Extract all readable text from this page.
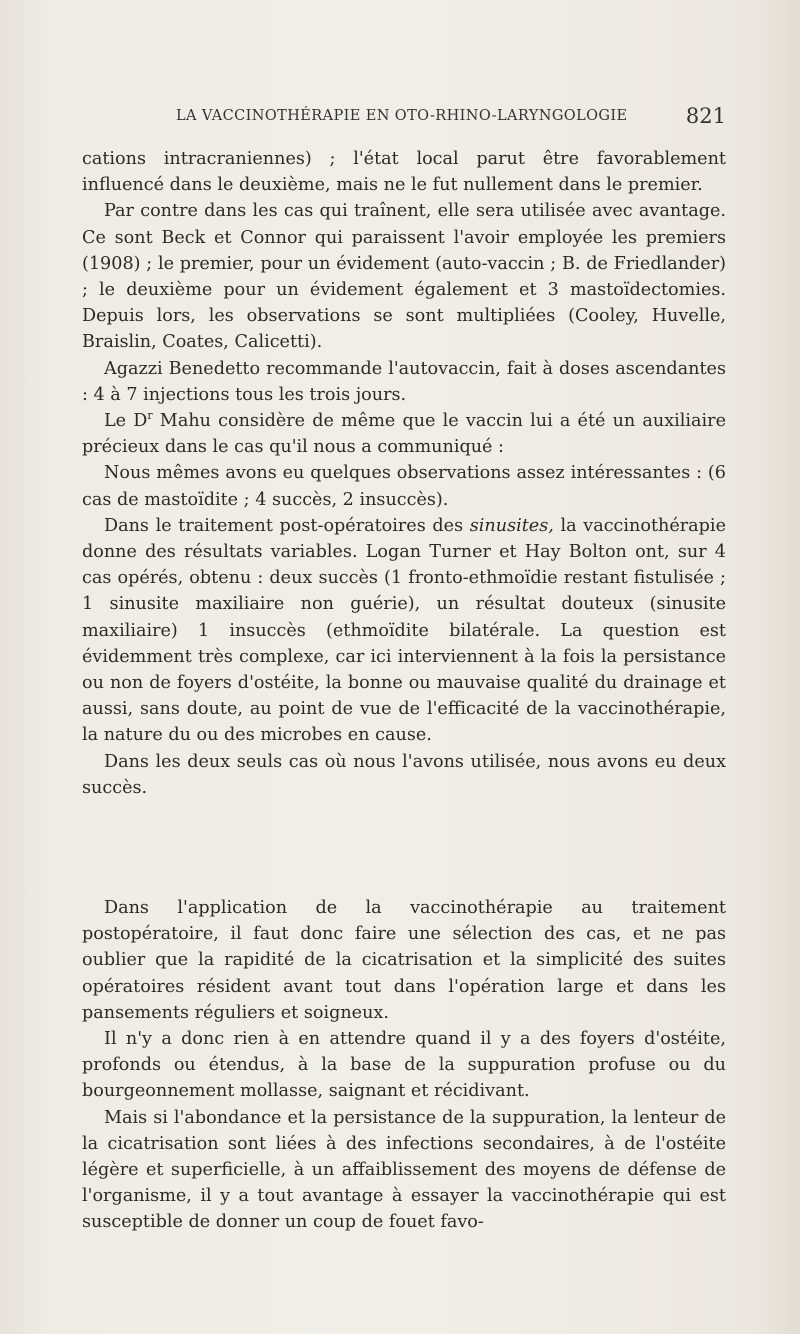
LA VACCINOTHÉRAPIE EN OTO-RHINO-LARYNGOLOGIE	821

cations intracraniennes) ; l'état local parut être favorablement influencé dans le deuxième, mais ne le fut nullement dans le premier.

Par contre dans les cas qui traînent, elle sera utilisée avec avantage. Ce sont Beck et Connor qui paraissent l'avoir employée les premiers (1908) ; le premier, pour un évidement (auto-vaccin ; B. de Friedlander) ; le deuxième pour un évidement également et 3 mastoïdectomies. Depuis lors, les observations se sont multipliées (Cooley, Huvelle, Braislin, Coates, Calicetti).

Agazzi Benedetto recommande l'autovaccin, fait à doses ascendantes : 4 à 7 injections tous les trois jours.

Le $D^r$ Mahu considère de même que le vaccin lui a été un auxiliaire précieux dans le cas qu'il nous a communiqué :

Nous mêmes avons eu quelques observations assez intéressantes : (6 cas de mastoïdite ; 4 succès, 2 insuccès).

Dans le traitement post-opératoires des sinusites, la vaccinothérapie donne des résultats variables. Logan Turner et Hay Bolton ont, sur 4 cas opérés, obtenu : deux succès (1 fronto-ethmoïdie restant fistulisée ; 1 sinusite maxiliaire non guérie), un résultat douteux (sinusite maxiliaire) 1 insuccès (ethmoïdite bilatérale. La question est évidemment très complexe, car ici interviennent à la fois la persistance ou non de foyers d'ostéite, la bonne ou mauvaise qualité du drainage et aussi, sans doute, au point de vue de l'efficacité de la vaccinothérapie, la nature du ou des microbes en cause.

Dans les deux seuls cas où nous l'avons utilisée, nous avons eu deux succès.

Dans l'application de la vaccinothérapie au traitement postopératoire, il faut donc faire une sélection des cas, et ne pas oublier que la rapidité de la cicatrisation et la simplicité des suites opératoires résident avant tout dans l'opération large et dans les pansements réguliers et soigneux.

Il n'y a donc rien à en attendre quand il y a des foyers d'ostéite, profonds ou étendus, à la base de la suppuration profuse ou du bourgeonnement mollasse, saignant et récidivant.

Mais si l'abondance et la persistance de la suppuration, la lenteur de la cicatrisation sont liées à des infections secondaires, à de l'ostéite légère et superficielle, à un affaiblissement des moyens de défense de l'organisme, il y a tout avantage à essayer la vaccinothérapie qui est susceptible de donner un coup de fouet favo-
